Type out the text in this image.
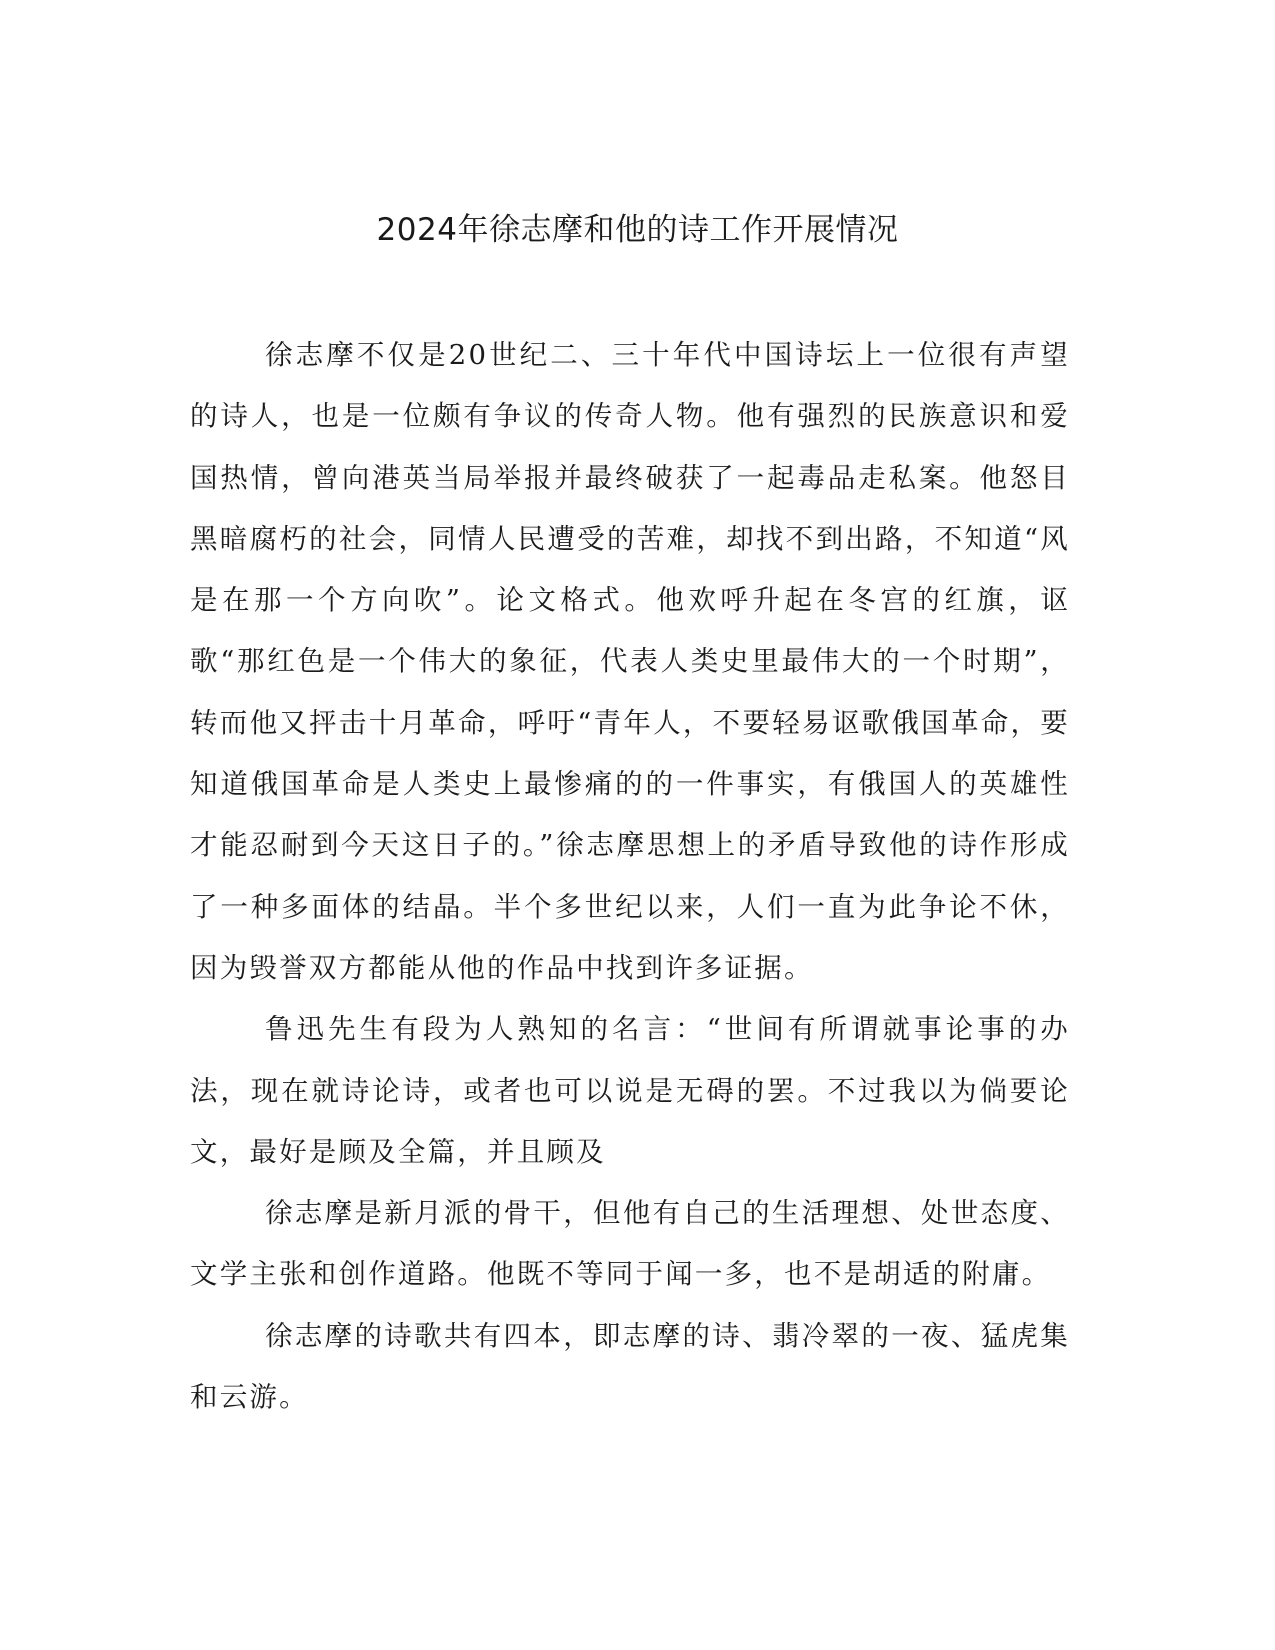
2024年徐志摩和他的诗工作开展情况

徐志摩不仅是20世纪二、三十年代中国诗坛上一位很有声望的诗人，也是一位颇有争议的传奇人物。他有强烈的民族意识和爱国热情，曾向港英当局举报并最终破获了一起毒品走私案。他怒目黑暗腐朽的社会，同情人民遭受的苦难，却找不到出路，不知道“风是在那一个方向吹”。论文格式。他欢呼升起在冬宫的红旗，讴歌“那红色是一个伟大的象征，代表人类史里最伟大的一个时期”，转而他又抨击十月革命，呼吁“青年人，不要轻易讴歌俄国革命，要知道俄国革命是人类史上最惨痛的的一件事实，有俄国人的英雄性才能忍耐到今天这日子的。”徐志摩思想上的矛盾导致他的诗作形成了一种多面体的结晶。半个多世纪以来，人们一直为此争论不休，因为毁誉双方都能从他的作品中找到许多证据。

鲁迅先生有段为人熟知的名言：“世间有所谓就事论事的办法，现在就诗论诗，或者也可以说是无碍的罢。不过我以为倘要论文，最好是顾及全篇，并且顾及

徐志摩是新月派的骨干，但他有自己的生活理想、处世态度、文学主张和创作道路。他既不等同于闻一多，也不是胡适的附庸。

徐志摩的诗歌共有四本，即志摩的诗、翡冷翠的一夜、猛虎集和云游。
